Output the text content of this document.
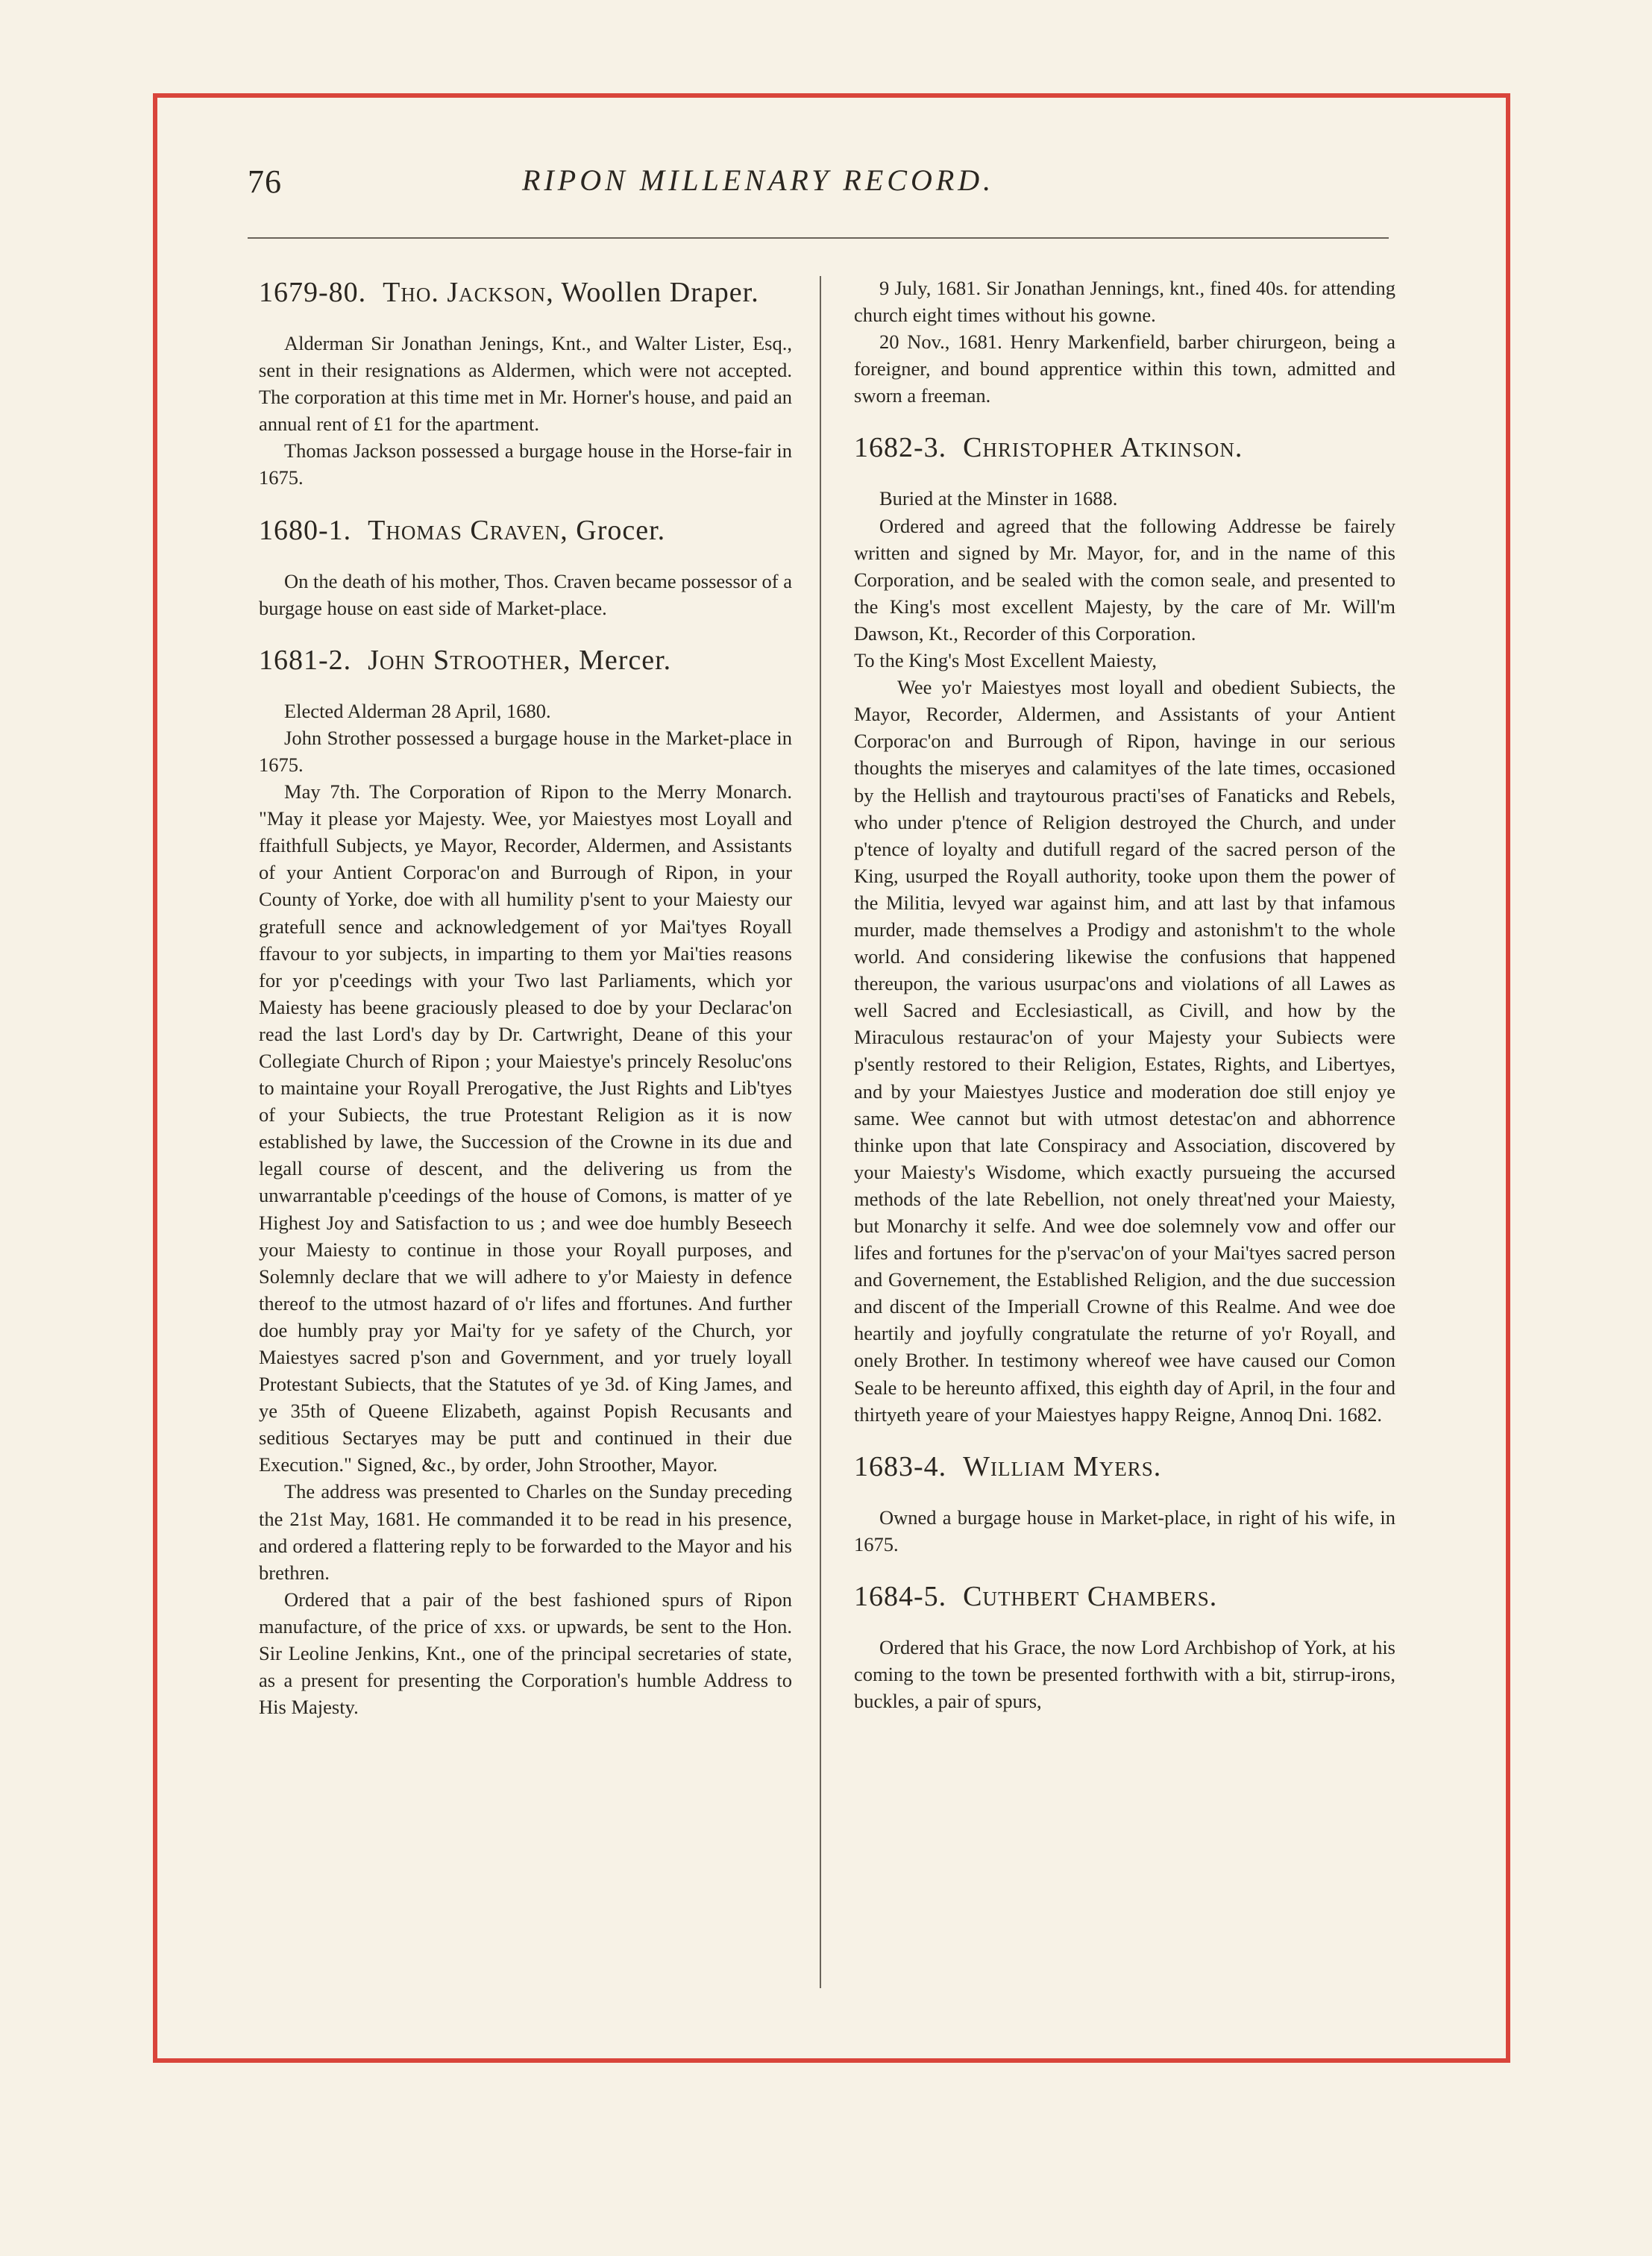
76	RIPON MILLENARY RECORD.
1679-80. Tho. Jackson, Woollen Draper.

Alderman Sir Jonathan Jenings, Knt., and Walter Lister, Esq., sent in their resignations as Aldermen, which were not accepted. The corporation at this time met in Mr. Horner's house, and paid an annual rent of £1 for the apartment.

Thomas Jackson possessed a burgage house in the Horse-fair in 1675.

1680-1. Thomas Craven, Grocer.

On the death of his mother, Thos. Craven became possessor of a burgage house on east side of Market-place.

1681-2. John Stroother, Mercer.

Elected Alderman 28 April, 1680.

John Strother possessed a burgage house in the Market-place in 1675.

May 7th. The Corporation of Ripon to the Merry Monarch. "May it please yor Majesty. Wee, yor Maiestyes most Loyall and ffaithfull Subjects, ye Mayor, Recorder, Aldermen, and Assistants of your Antient Corporac'on and Burrough of Ripon, in your County of Yorke, doe with all humility p'sent to your Maiesty our gratefull sence and acknowledgement of yor Mai'tyes Royall ffavour to yor subjects, in imparting to them yor Mai'ties reasons for yor p'ceedings with your Two last Parliaments, which yor Maiesty has beene graciously pleased to doe by your Declarac'on read the last Lord's day by Dr. Cartwright, Deane of this your Collegiate Church of Ripon ; your Maiestye's princely Resoluc'ons to maintaine your Royall Prerogative, the Just Rights and Lib'tyes of your Subiects, the true Protestant Religion as it is now established by lawe, the Succession of the Crowne in its due and legall course of descent, and the delivering us from the unwarrantable p'ceedings of the house of Comons, is matter of ye Highest Joy and Satisfaction to us ; and wee doe humbly Beseech your Maiesty to continue in those your Royall purposes, and Solemnly declare that we will adhere to y'or Maiesty in defence thereof to the utmost hazard of o'r lifes and ffortunes. And further doe humbly pray yor Mai'ty for ye safety of the Church, yor Maiestyes sacred p'son and Government, and yor truely loyall Protestant Subiects, that the Statutes of ye 3d. of King James, and ye 35th of Queene Elizabeth, against Popish Recusants and seditious Sectaryes may be putt and continued in their due Execution." Signed, &c., by order, John Stroother, Mayor.

The address was presented to Charles on the Sunday preceding the 21st May, 1681. He commanded it to be read in his presence, and ordered a flattering reply to be forwarded to the Mayor and his brethren.

Ordered that a pair of the best fashioned spurs of Ripon manufacture, of the price of xxs. or upwards, be sent to the Hon. Sir Leoline Jenkins, Knt., one of the principal secretaries of state, as a present for presenting the Corporation's humble Address to His Majesty.

9 July, 1681. Sir Jonathan Jennings, knt., fined 40s. for attending church eight times without his gowne.

20 Nov., 1681. Henry Markenfield, barber chirurgeon, being a foreigner, and bound apprentice within this town, admitted and sworn a freeman.

1682-3. Christopher Atkinson.

Buried at the Minster in 1688.

Ordered and agreed that the following Addresse be fairely written and signed by Mr. Mayor, for, and in the name of this Corporation, and be sealed with the comon seale, and presented to the King's most excellent Majesty, by the care of Mr. Will'm Dawson, Kt., Recorder of this Corporation.

To the King's Most Excellent Maiesty,

Wee yo'r Maiestyes most loyall and obedient Subiects, the Mayor, Recorder, Aldermen, and Assistants of your Antient Corporac'on and Burrough of Ripon, havinge in our serious thoughts the miseryes and calamityes of the late times, occasioned by the Hellish and traytourous practi'ses of Fanaticks and Rebels, who under p'tence of Religion destroyed the Church, and under p'tence of loyalty and dutifull regard of the sacred person of the King, usurped the Royall authority, tooke upon them the power of the Militia, levyed war against him, and att last by that infamous murder, made themselves a Prodigy and astonishm't to the whole world. And considering likewise the confusions that happened thereupon, the various usurpac'ons and violations of all Lawes as well Sacred and Ecclesiasticall, as Civill, and how by the Miraculous restaurac'on of your Majesty your Subiects were p'sently restored to their Religion, Estates, Rights, and Libertyes, and by your Maiestyes Justice and moderation doe still enjoy ye same. Wee cannot but with utmost detestac'on and abhorrence thinke upon that late Conspiracy and Association, discovered by your Maiesty's Wisdome, which exactly pursueing the accursed methods of the late Rebellion, not onely threat'ned your Maiesty, but Monarchy it selfe. And wee doe solemnely vow and offer our lifes and fortunes for the p'servac'on of your Mai'tyes sacred person and Governement, the Established Religion, and the due succession and discent of the Imperiall Crowne of this Realme. And wee doe heartily and joyfully congratulate the returne of yo'r Royall, and onely Brother. In testimony whereof wee have caused our Comon Seale to be hereunto affixed, this eighth day of April, in the four and thirtyeth yeare of your Maiestyes happy Reigne, Annoq Dni. 1682.

1683-4. William Myers.

Owned a burgage house in Market-place, in right of his wife, in 1675.

1684-5. Cuthbert Chambers.

Ordered that his Grace, the now Lord Archbishop of York, at his coming to the town be presented forthwith with a bit, stirrup-irons, buckles, a pair of spurs,
